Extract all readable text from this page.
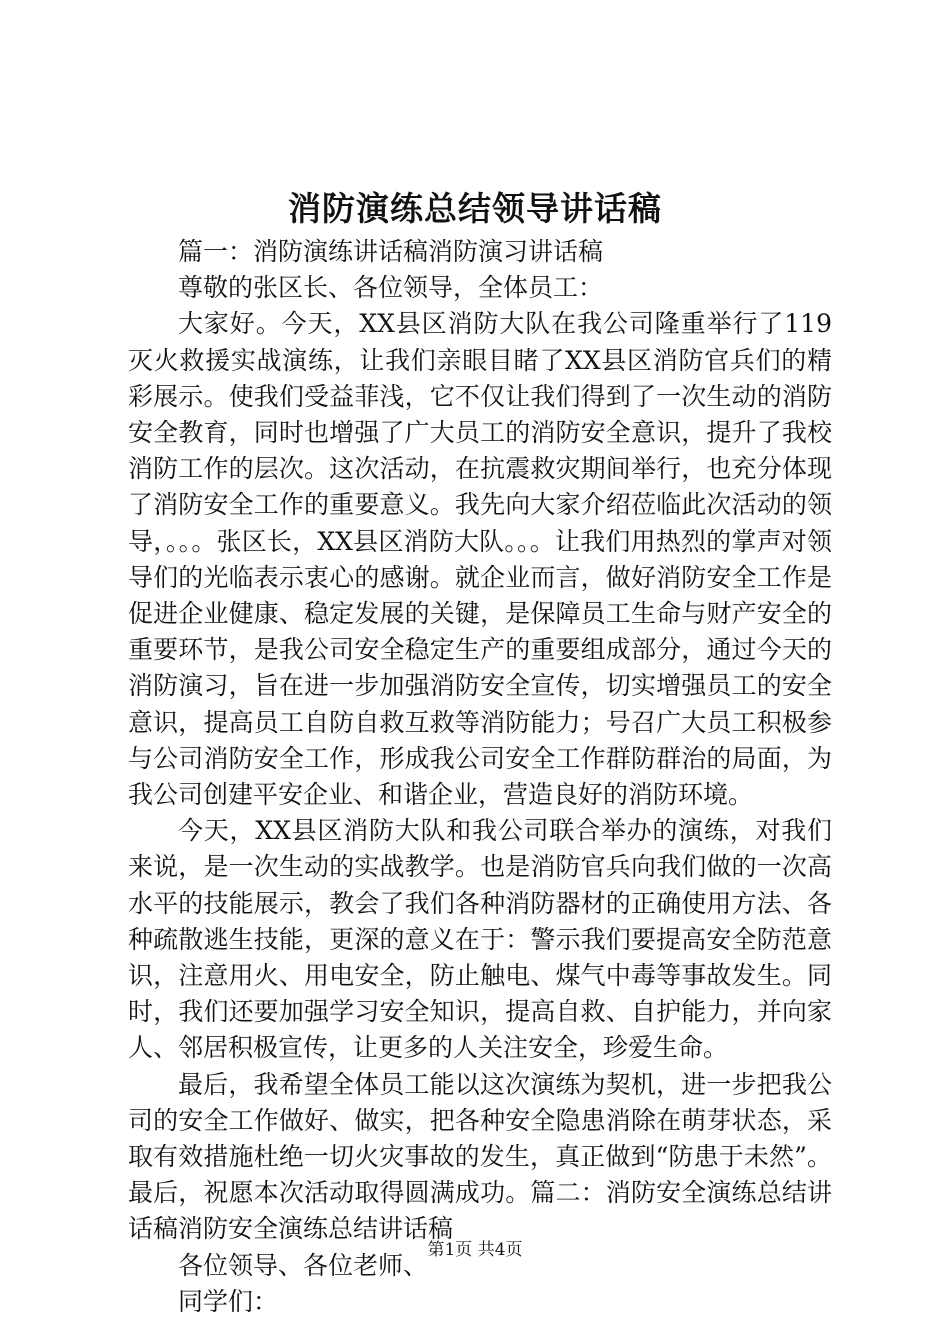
消防演练总结领导讲话稿

篇一：消防演练讲话稿消防演习讲话稿

尊敬的张区长、各位领导，全体员工：

大家好。今天，XX县区消防大队在我公司隆重举行了119灭火救援实战演练，让我们亲眼目睹了XX县区消防官兵们的精彩展示。使我们受益菲浅，它不仅让我们得到了一次生动的消防安全教育，同时也增强了广大员工的消防安全意识，提升了我校消防工作的层次。这次活动，在抗震救灾期间举行，也充分体现了消防安全工作的重要意义。我先向大家介绍莅临此次活动的领导，。。。张区长，XX县区消防大队。。。让我们用热烈的掌声对领导们的光临表示衷心的感谢。就企业而言，做好消防安全工作是促进企业健康、稳定发展的关键，是保障员工生命与财产安全的重要环节，是我公司安全稳定生产的重要组成部分，通过今天的消防演习，旨在进一步加强消防安全宣传，切实增强员工的安全意识，提高员工自防自救互救等消防能力；号召广大员工积极参与公司消防安全工作，形成我公司安全工作群防群治的局面，为我公司创建平安企业、和谐企业，营造良好的消防环境。

今天，XX县区消防大队和我公司联合举办的演练，对我们来说，是一次生动的实战教学。也是消防官兵向我们做的一次高水平的技能展示，教会了我们各种消防器材的正确使用方法、各种疏散逃生技能，更深的意义在于：警示我们要提高安全防范意识，注意用火、用电安全，防止触电、煤气中毒等事故发生。同时，我们还要加强学习安全知识，提高自救、自护能力，并向家人、邻居积极宣传，让更多的人关注安全，珍爱生命。

最后，我希望全体员工能以这次演练为契机，进一步把我公司的安全工作做好、做实，把各种安全隐患消除在萌芽状态，采取有效措施杜绝一切火灾事故的发生，真正做到“防患于未然”。最后，祝愿本次活动取得圆满成功。篇二：消防安全演练总结讲话稿消防安全演练总结讲话稿

各位领导、各位老师、

同学们：

第1页 共4页
